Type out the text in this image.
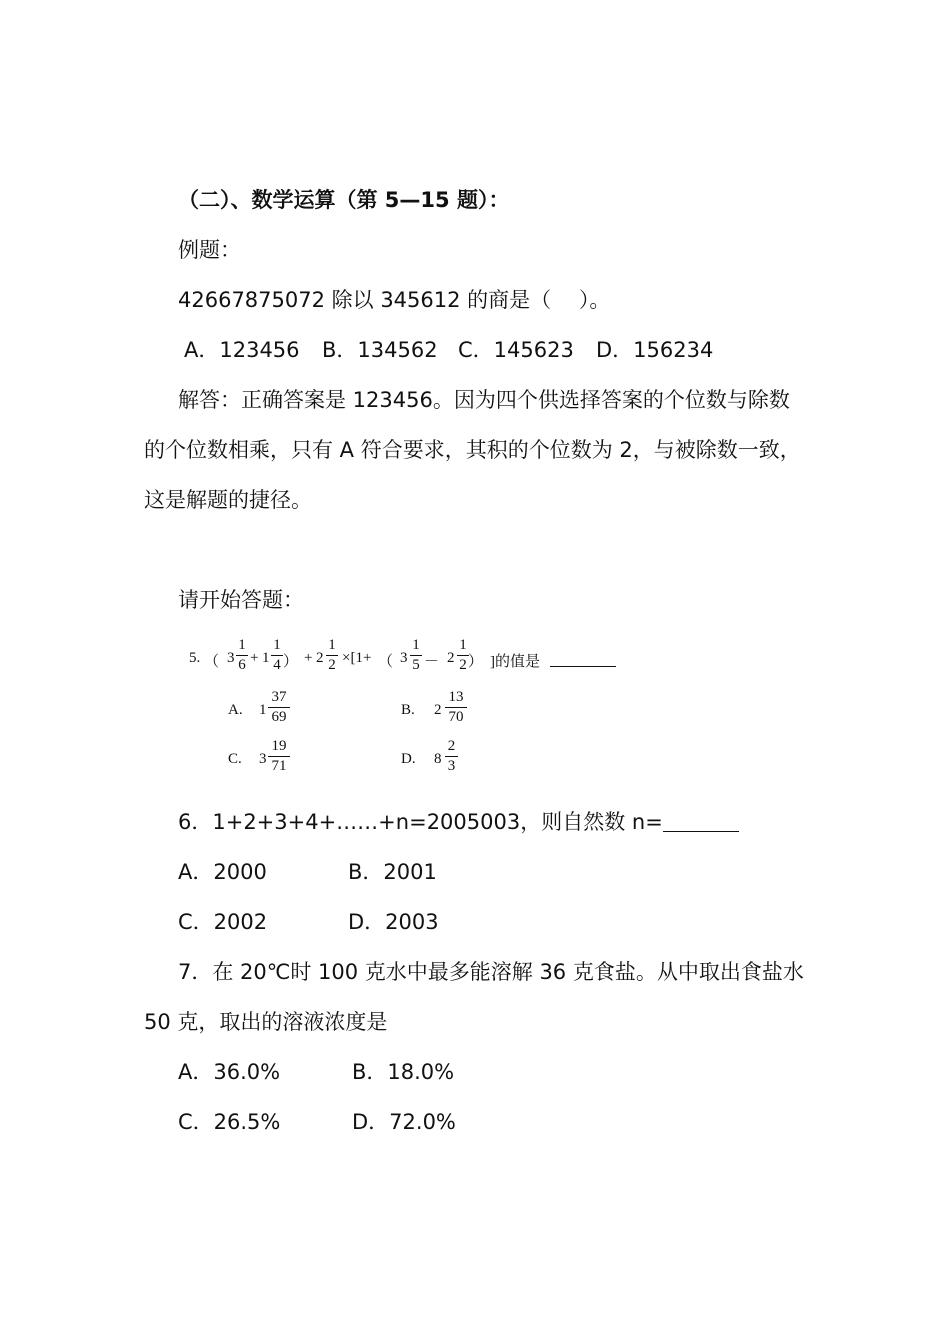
（二）、数学运算（第 5—15 题）：
例题：
42667875072 除以 345612 的商是（　 ）。
A．123456 B．134562 C．145623 D．156234
解答：正确答案是 123456。因为四个供选择答案的个位数与除数
的个位数相乘，只有 A 符合要求，其积的个位数为 2，与被除数一致，
这是解题的捷径。
请开始答题：
5. （ 3
1
6 + 1
1
4 ） + 2
1
2 ×[1+ （ 3
1
5 － 2
1
2 ） ]的值是
A. 1
37
69	B. 2
13
70
C. 3
19
71	D. 8
2
3
6．1+2+3+4+……+n=2005003，则自然数 n=
A．2000	B．2001
C．2002	D．2003
7．在 20℃时 100 克水中最多能溶解 36 克食盐。从中取出食盐水
50 克，取出的溶液浓度是
A．36.0%	B．18.0%
C．26.5%	D．72.0%
